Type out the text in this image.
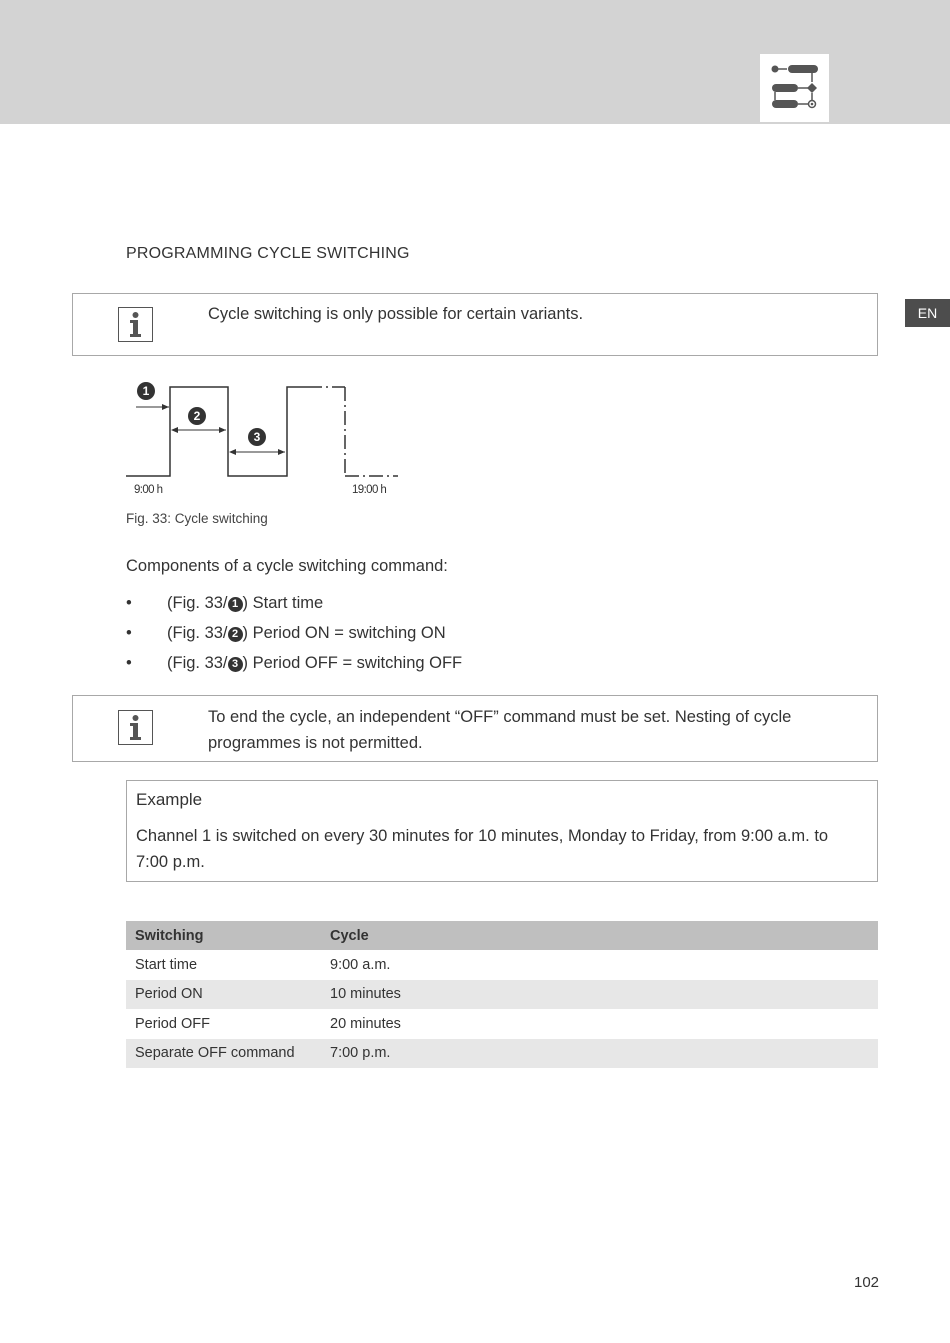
EN
PROGRAMMING CYCLE SWITCHING
Cycle switching is only possible for certain variants.
1
2
3
9:00 h	19:00 h
Fig. 33: Cycle switching
Components of a cycle switching command:
• (Fig. 33/ 1 ) Start time
• (Fig. 33/ 2 ) Period ON = switching ON
• (Fig. 33/ 3 ) Period OFF = switching OFF
To end the cycle, an independent “OFF” command must be set. Nesting of cycle programmes is not permitted.
Example
Channel 1 is switched on every 30 minutes for 10 minutes, Monday to Friday, from 9:00 a.m. to 7:00 p.m.
Switching	Cycle
Start time	9:00 a.m.
Period ON	10 minutes
Period OFF	20 minutes
Separate OFF command	7:00 p.m.
102
